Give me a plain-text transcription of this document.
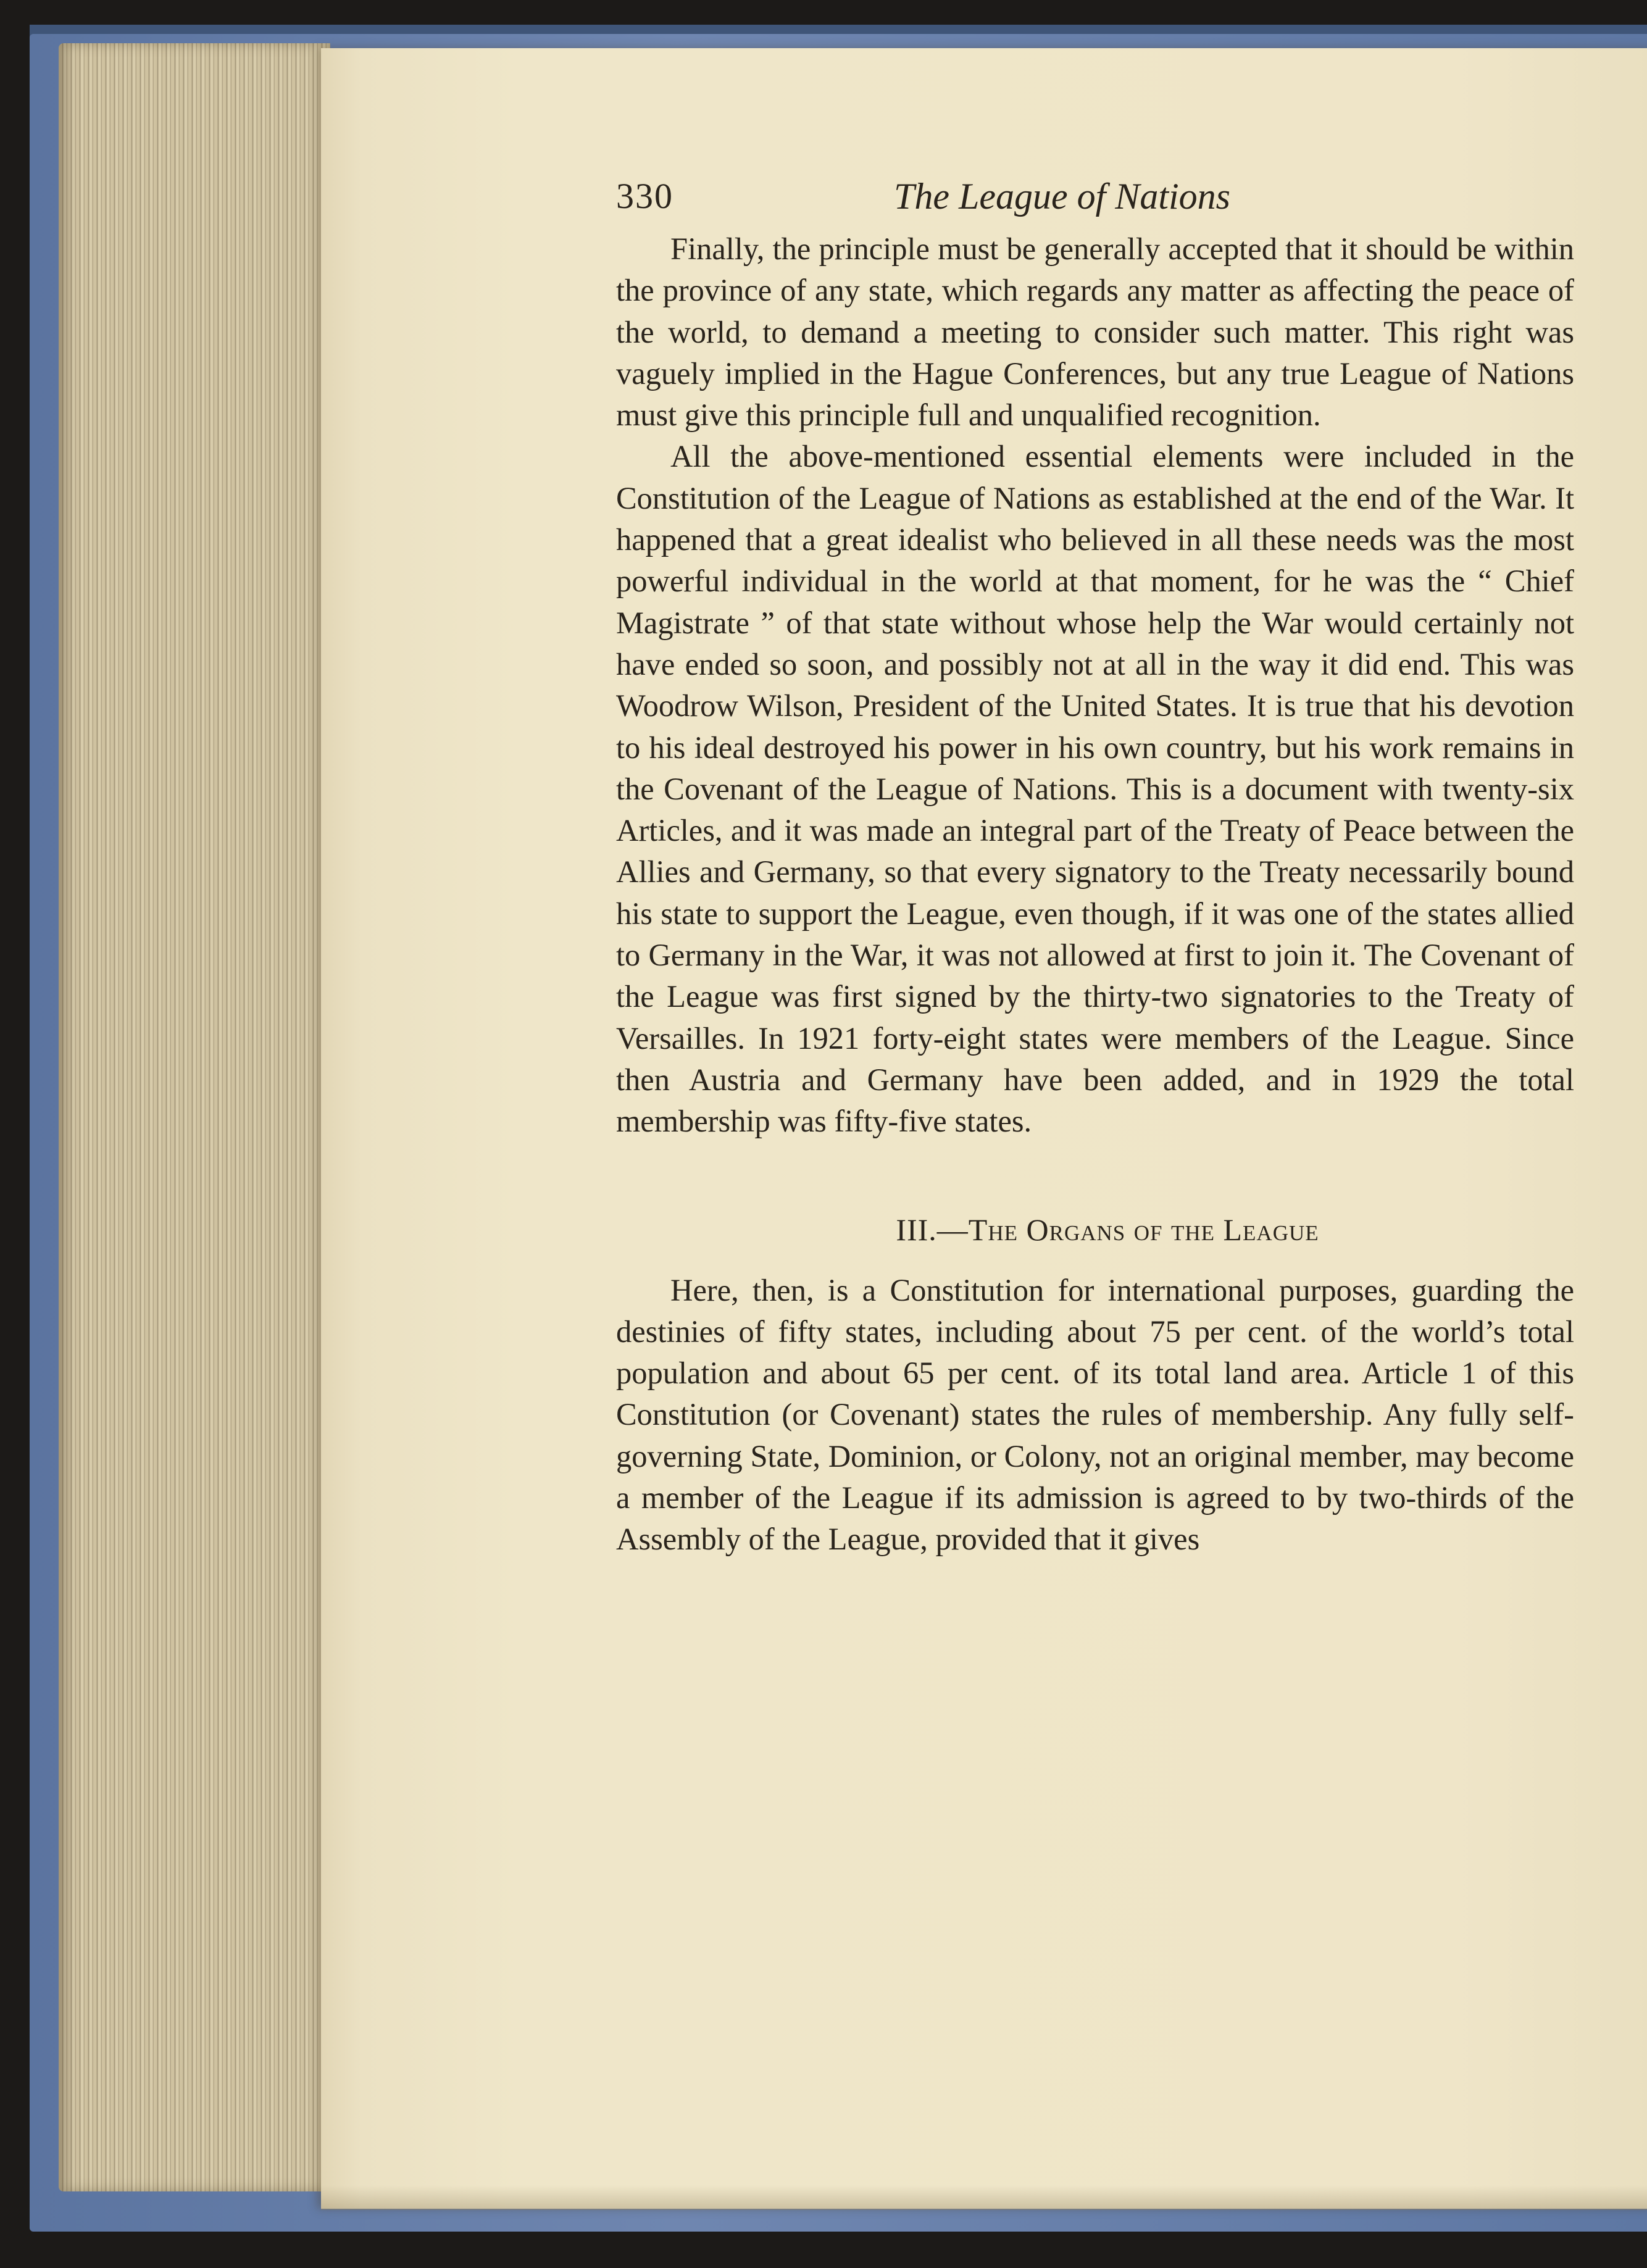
330	The League of Nations

Finally, the principle must be generally accepted that it should be within the province of any state, which regards any matter as affecting the peace of the world, to demand a meeting to consider such matter. This right was vaguely implied in the Hague Conferences, but any true League of Nations must give this principle full and unqualified recognition.

All the above-mentioned essential elements were included in the Constitution of the League of Nations as established at the end of the War. It happened that a great idealist who believed in all these needs was the most powerful individual in the world at that moment, for he was the “ Chief Magistrate ” of that state without whose help the War would certainly not have ended so soon, and possibly not at all in the way it did end. This was Woodrow Wilson, President of the United States. It is true that his devotion to his ideal destroyed his power in his own country, but his work remains in the Covenant of the League of Nations. This is a document with twenty-six Articles, and it was made an integral part of the Treaty of Peace between the Allies and Germany, so that every signatory to the Treaty necessarily bound his state to support the League, even though, if it was one of the states allied to Germany in the War, it was not allowed at first to join it. The Covenant of the League was first signed by the thirty-two signatories to the Treaty of Versailles. In 1921 forty-eight states were members of the League. Since then Austria and Germany have been added, and in 1929 the total membership was fifty-five states.

III.—The Organs of the League

Here, then, is a Constitution for international purposes, guarding the destinies of fifty states, including about 75 per cent. of the world’s total population and about 65 per cent. of its total land area. Article 1 of this Constitution (or Covenant) states the rules of membership. Any fully self-governing State, Dominion, or Colony, not an original member, may become a member of the League if its admission is agreed to by two-thirds of the Assembly of the League, provided that it gives
